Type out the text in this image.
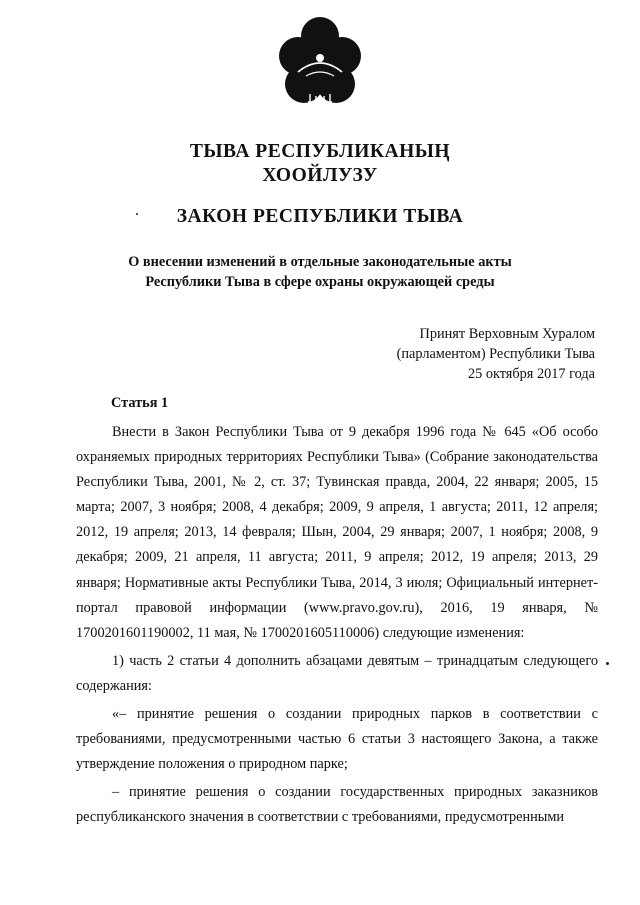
ТЫВА РЕСПУБЛИКАНЫҢ
ХООЙЛУЗУ
ЗАКОН РЕСПУБЛИКИ ТЫВА
О внесении изменений в отдельные законодательные акты
Республики Тыва в сфере охраны окружающей среды
Принят Верховным Хуралом
(парламентом) Республики Тыва
25 октября 2017 года
Статья 1

Внести в Закон Республики Тыва от 9 декабря 1996 года № 645 «Об особо охраняемых природных территориях Республики Тыва» (Собрание законодательства Республики Тыва, 2001, № 2, ст. 37; Тувинская правда, 2004, 22 января; 2005, 15 марта; 2007, 3 ноября; 2008, 4 декабря; 2009, 9 апреля, 1 августа; 2011, 12 апреля; 2012, 19 апреля; 2013, 14 февраля; Шын, 2004, 29 января; 2007, 1 ноября; 2008, 9 декабря; 2009, 21 апреля, 11 августа; 2011, 9 апреля; 2012, 19 апреля; 2013, 29 января; Нормативные акты Республики Тыва, 2014, 3 июля; Официальный интернет-портал правовой информации (www.pravo.gov.ru), 2016, 19 января, № 1700201601190002, 11 мая, № 1700201605110006) следующие изменения:

1) часть 2 статьи 4 дополнить абзацами девятым – тринадцатым следующего содержания:

«– принятие решения о создании природных парков в соответствии с требованиями, предусмотренными частью 6 статьи 3 настоящего Закона, а также утверждение положения о природном парке;

– принятие решения о создании государственных природных заказников республиканского значения в соответствии с требованиями, предусмотренными
